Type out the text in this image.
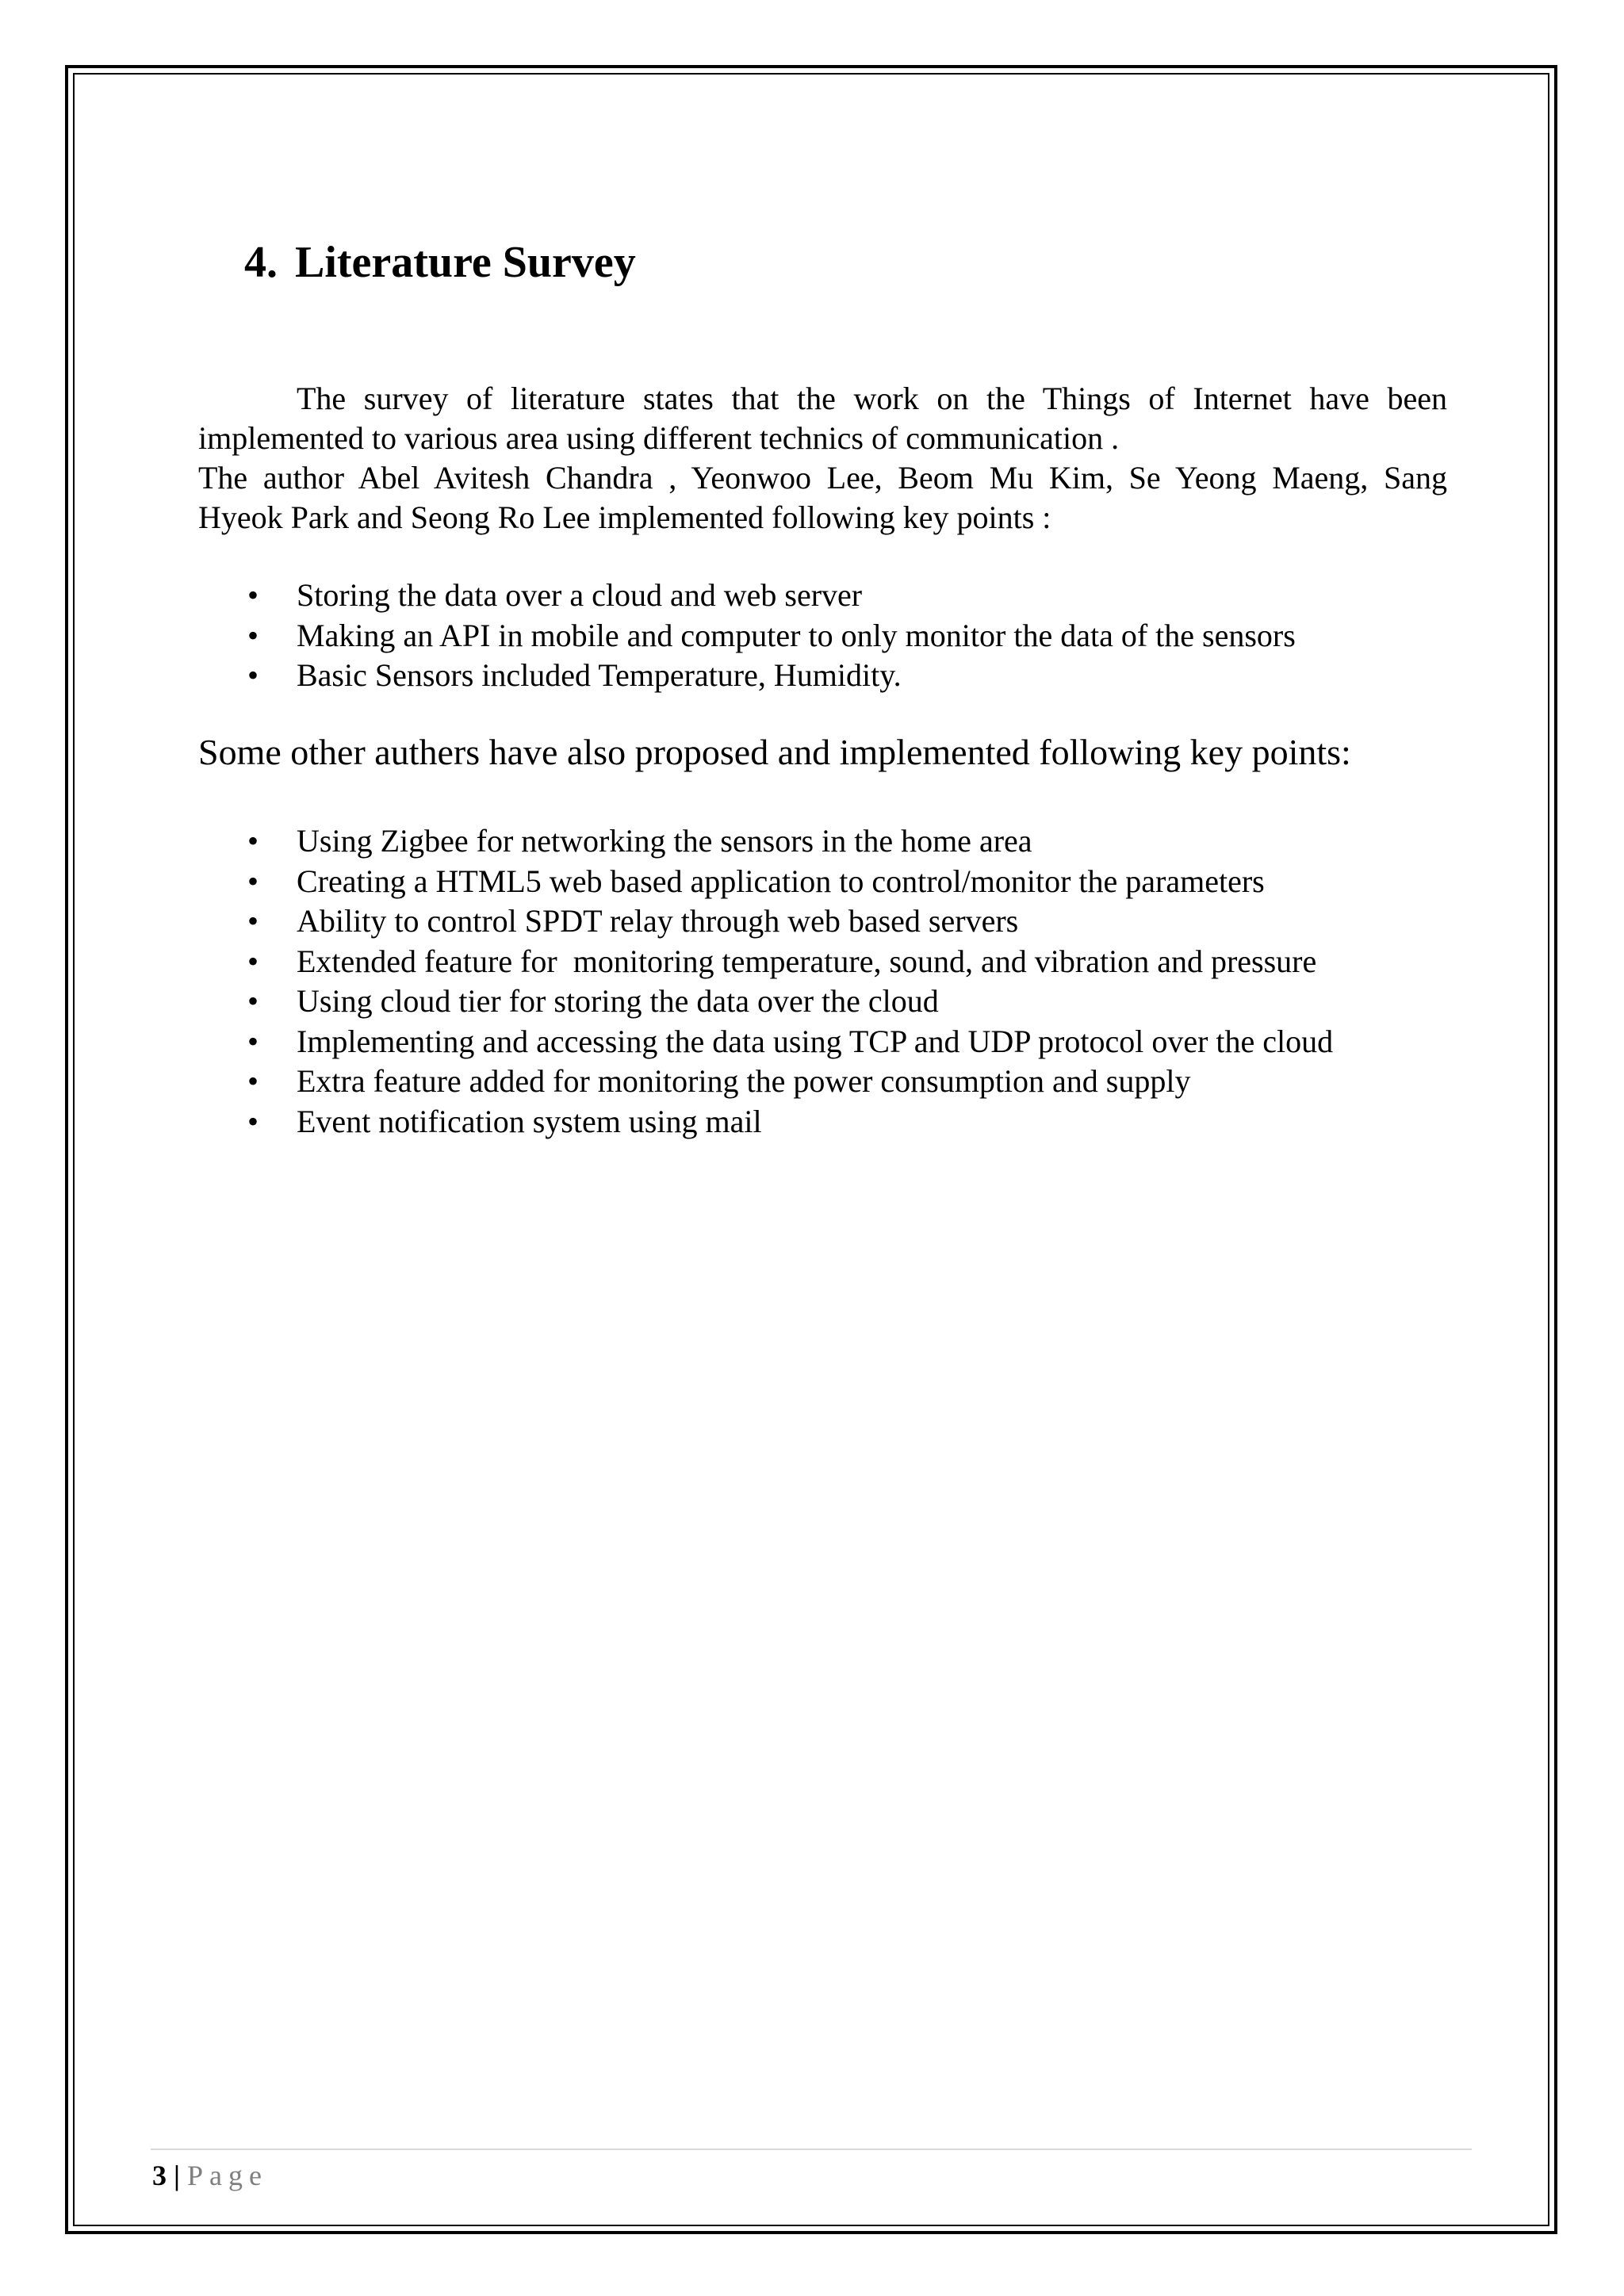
4. Literature Survey
The survey of literature states that the work on the Things of Internet have been
implemented to various area using different technics of communication .
The author Abel Avitesh Chandra , Yeonwoo Lee, Beom Mu Kim, Se Yeong Maeng, Sang
Hyeok Park and Seong Ro Lee implemented following key points :
• Storing the data over a cloud and web server
• Making an API in mobile and computer to only monitor the data of the sensors
• Basic Sensors included Temperature, Humidity.
Some other authers have also proposed and implemented following key points:
• Using Zigbee for networking the sensors in the home area
• Creating a HTML5 web based application to control/monitor the parameters
• Ability to control SPDT relay through web based servers
• Extended feature for  monitoring temperature, sound, and vibration and pressure
• Using cloud tier for storing the data over the cloud
• Implementing and accessing the data using TCP and UDP protocol over the cloud
• Extra feature added for monitoring the power consumption and supply
• Event notification system using mail
3 | Page
